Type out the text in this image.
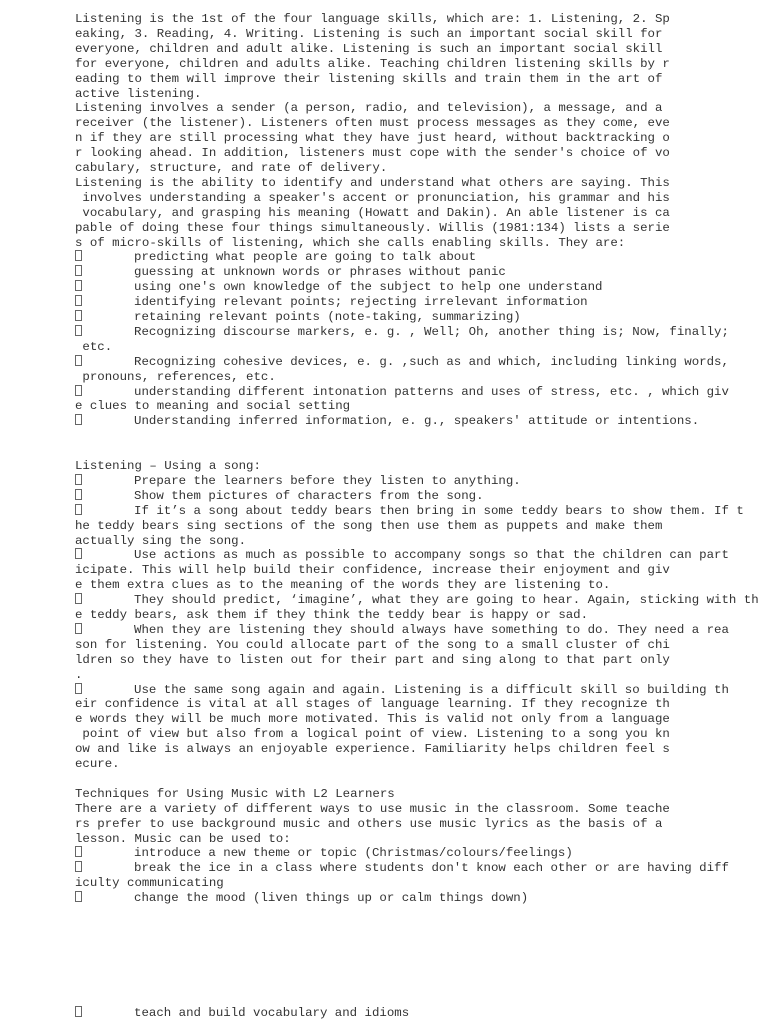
Listening is the 1st of the four language skills, which are: 1. Listening, 2. Sp
eaking, 3. Reading, 4. Writing. Listening is such an important social skill for
everyone, children and adult alike. Listening is such an important social skill
for everyone, children and adults alike. Teaching children listening skills by r
eading to them will improve their listening skills and train them in the art of
active listening.
Listening involves a sender (a person, radio, and television), a message, and a
receiver (the listener). Listeners often must process messages as they come, eve
n if they are still processing what they have just heard, without backtracking o
r looking ahead. In addition, listeners must cope with the sender's choice of vo
cabulary, structure, and rate of delivery.
Listening is the ability to identify and understand what others are saying. This
involves understanding a speaker's accent or pronunciation, his grammar and his
vocabulary, and grasping his meaning (Howatt and Dakin). An able listener is ca
pable of doing these four things simultaneously. Willis (1981:134) lists a serie
s of micro-skills of listening, which she calls enabling skills. They are:
predicting what people are going to talk about
guessing at unknown words or phrases without panic
using one's own knowledge of the subject to help one understand
identifying relevant points; rejecting irrelevant information
retaining relevant points (note-taking, summarizing)
Recognizing discourse markers, e. g. , Well; Oh, another thing is; Now, finally;
etc.
Recognizing cohesive devices, e. g. ,such as and which, including linking words,
pronouns, references, etc.
understanding different intonation patterns and uses of stress, etc. , which giv
e clues to meaning and social setting
Understanding inferred information, e. g., speakers' attitude or intentions.
Listening – Using a song:
Prepare the learners before they listen to anything.
Show them pictures of characters from the song.
If it’s a song about teddy bears then bring in some teddy bears to show them. If t
he teddy bears sing sections of the song then use them as puppets and make them
actually sing the song.
Use actions as much as possible to accompany songs so that the children can part
icipate. This will help build their confidence, increase their enjoyment and giv
e them extra clues as to the meaning of the words they are listening to.
They should predict, ‘imagine’, what they are going to hear. Again, sticking with th
e teddy bears, ask them if they think the teddy bear is happy or sad.
When they are listening they should always have something to do. They need a rea
son for listening. You could allocate part of the song to a small cluster of chi
ldren so they have to listen out for their part and sing along to that part only
.
Use the same song again and again. Listening is a difficult skill so building th
eir confidence is vital at all stages of language learning. If they recognize th
e words they will be much more motivated. This is valid not only from a language
point of view but also from a logical point of view. Listening to a song you kn
ow and like is always an enjoyable experience. Familiarity helps children feel s
ecure.
Techniques for Using Music with L2 Learners
There are a variety of different ways to use music in the classroom. Some teache
rs prefer to use background music and others use music lyrics as the basis of a
lesson. Music can be used to:
introduce a new theme or topic (Christmas/colours/feelings)
break the ice in a class where students don't know each other or are having diff
iculty communicating
change the mood (liven things up or calm things down)
teach and build vocabulary and idioms
